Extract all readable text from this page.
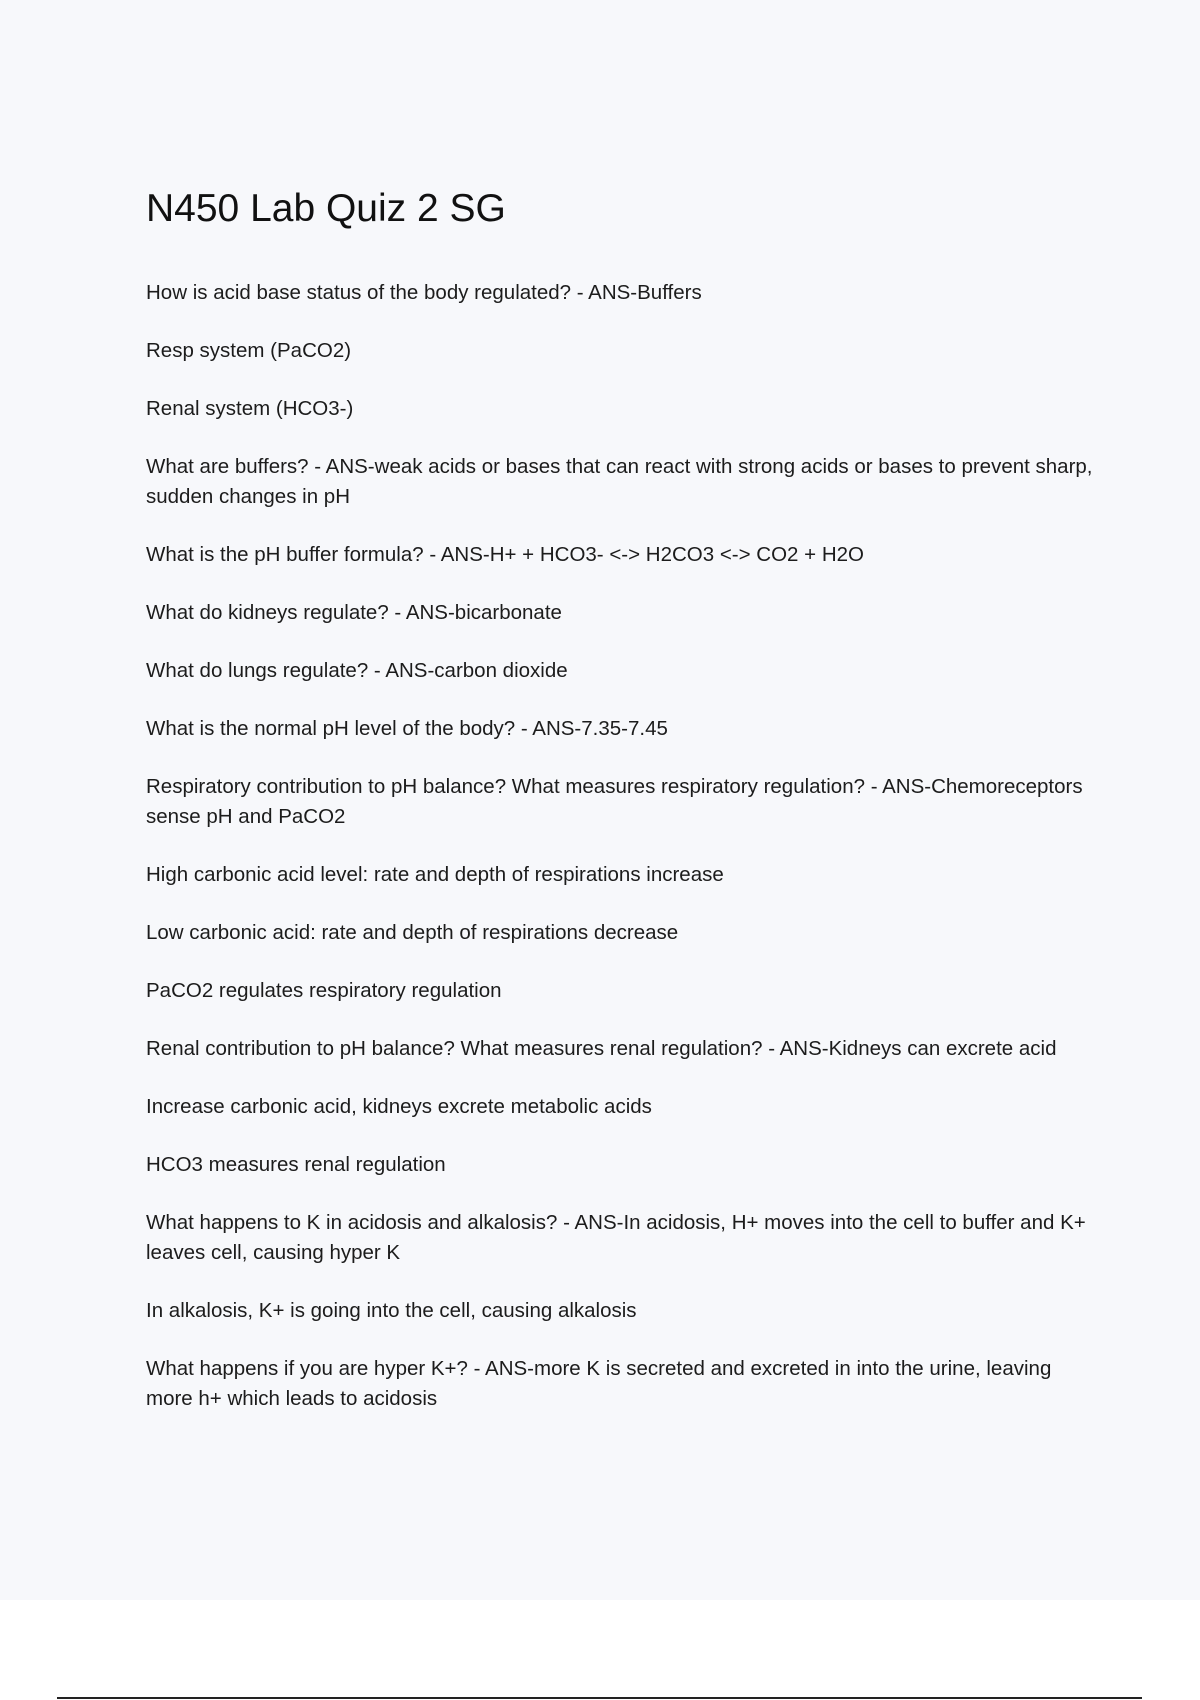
N450 Lab Quiz 2 SG

How is acid base status of the body regulated? - ANS-Buffers

Resp system (PaCO2)

Renal system (HCO3-)

What are buffers? - ANS-weak acids or bases that can react with strong acids or bases to prevent sharp, sudden changes in pH

What is the pH buffer formula? - ANS-H+ + HCO3- <-> H2CO3 <-> CO2 + H2O

What do kidneys regulate? - ANS-bicarbonate

What do lungs regulate? - ANS-carbon dioxide

What is the normal pH level of the body? - ANS-7.35-7.45

Respiratory contribution to pH balance? What measures respiratory regulation? - ANS-Chemoreceptors sense pH and PaCO2

High carbonic acid level: rate and depth of respirations increase

Low carbonic acid: rate and depth of respirations decrease

PaCO2 regulates respiratory regulation

Renal contribution to pH balance? What measures renal regulation? - ANS-Kidneys can excrete acid

Increase carbonic acid, kidneys excrete metabolic acids

HCO3 measures renal regulation

What happens to K in acidosis and alkalosis? - ANS-In acidosis, H+ moves into the cell to buffer and K+ leaves cell, causing hyper K

In alkalosis, K+ is going into the cell, causing alkalosis

What happens if you are hyper K+? - ANS-more K is secreted and excreted in into the urine, leaving more h+ which leads to acidosis
